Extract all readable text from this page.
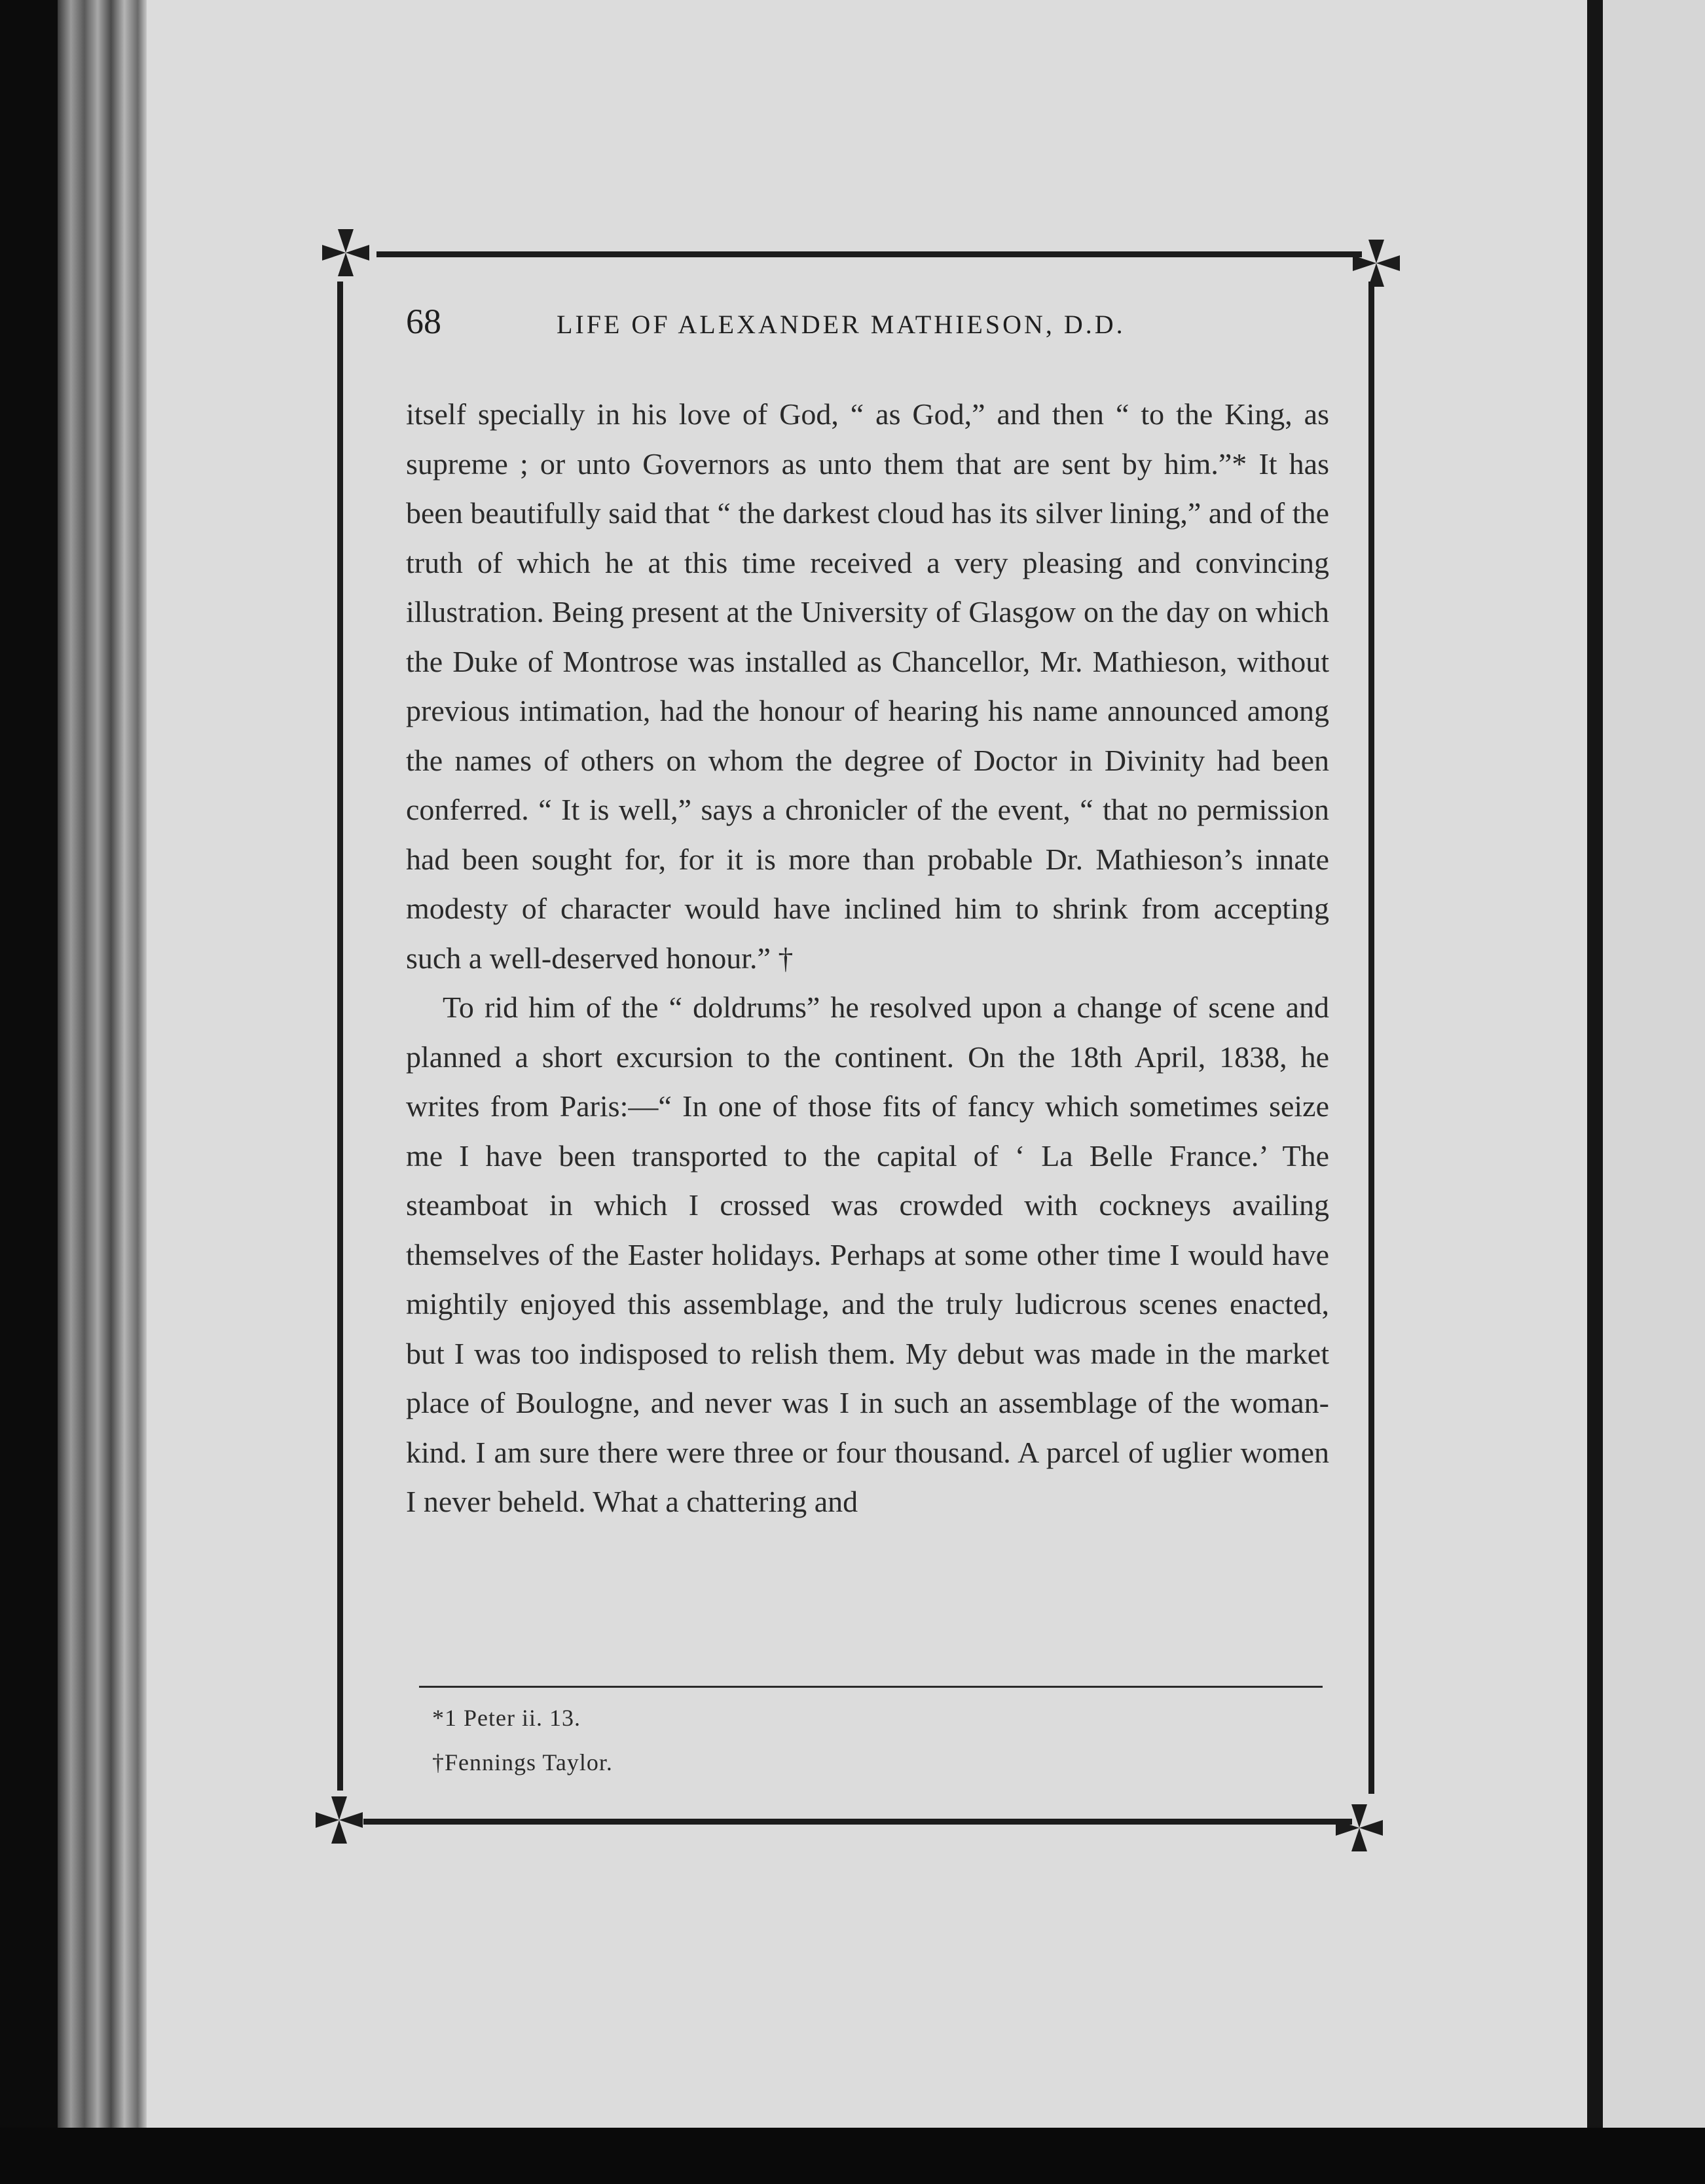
68	LIFE OF ALEXANDER MATHIESON, D.D.

itself specially in his love of God, “ as God,” and then “ to the King, as supreme ; or unto Governors as unto them that are sent by him.”* It has been beautifully said that “ the darkest cloud has its silver lining,” and of the truth of which he at this time received a very pleasing and convincing illustration. Being present at the University of Glasgow on the day on which the Duke of Montrose was installed as Chancellor, Mr. Mathieson, without previous intimation, had the honour of hearing his name announced among the names of others on whom the degree of Doctor in Divinity had been conferred. “ It is well,” says a chronicler of the event, “ that no permission had been sought for, for it is more than probable Dr. Mathieson’s innate modesty of character would have inclined him to shrink from accepting such a well-deserved honour.” †

To rid him of the “ doldrums” he resolved upon a change of scene and planned a short excursion to the continent. On the 18th April, 1838, he writes from Paris:—“ In one of those fits of fancy which sometimes seize me I have been transported to the capital of ‘ La Belle France.’ The steamboat in which I crossed was crowded with cockneys availing themselves of the Easter holidays. Perhaps at some other time I would have mightily enjoyed this assemblage, and the truly ludicrous scenes enacted, but I was too indisposed to relish them. My debut was made in the market place of Boulogne, and never was I in such an assemblage of the woman-kind. I am sure there were three or four thousand. A parcel of uglier women I never beheld. What a chattering and

*1 Peter ii. 13.

†Fennings Taylor.
